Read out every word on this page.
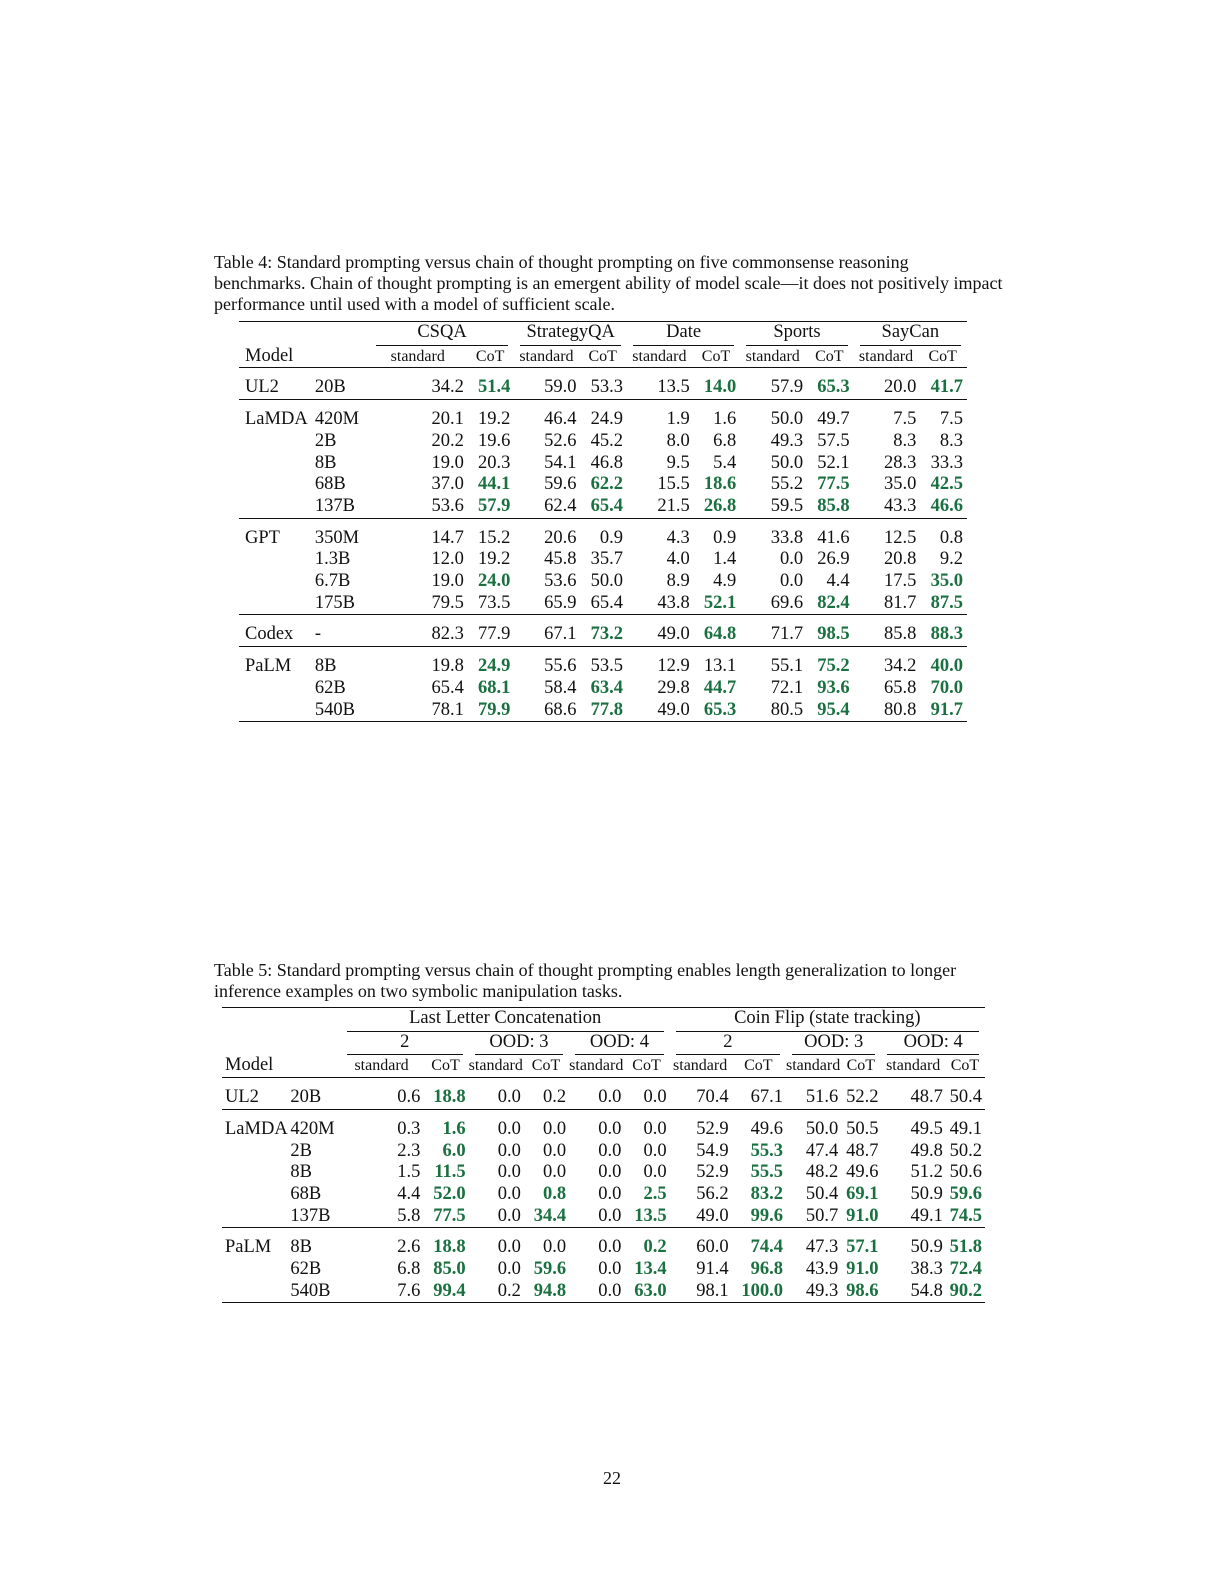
Table 4: Standard prompting versus chain of thought prompting on five commonsense reasoning benchmarks. Chain of thought prompting is an emergent ability of model scale—it does not positively impact performance until used with a model of sufficient scale.

		CSQA		StrategyQA		Date		Sports		SayCan	
Model		standard	CoT	standard	CoT	standard	CoT	standard	CoT	standard	CoT

UL2	20B	34.2	51.4	59.0	53.3	13.5	14.0	57.9	65.3	20.0	41.7

LaMDA	420M	20.1	19.2	46.4	24.9	1.9	1.6	50.0	49.7	7.5	7.5
	2B	20.2	19.6	52.6	45.2	8.0	6.8	49.3	57.5	8.3	8.3
	8B	19.0	20.3	54.1	46.8	9.5	5.4	50.0	52.1	28.3	33.3
	68B	37.0	44.1	59.6	62.2	15.5	18.6	55.2	77.5	35.0	42.5
	137B	53.6	57.9	62.4	65.4	21.5	26.8	59.5	85.8	43.3	46.6

GPT	350M	14.7	15.2	20.6	0.9	4.3	0.9	33.8	41.6	12.5	0.8
	1.3B	12.0	19.2	45.8	35.7	4.0	1.4	0.0	26.9	20.8	9.2
	6.7B	19.0	24.0	53.6	50.0	8.9	4.9	0.0	4.4	17.5	35.0
	175B	79.5	73.5	65.9	65.4	43.8	52.1	69.6	82.4	81.7	87.5

Codex	-	82.3	77.9	67.1	73.2	49.0	64.8	71.7	98.5	85.8	88.3

PaLM	8B	19.8	24.9	55.6	53.5	12.9	13.1	55.1	75.2	34.2	40.0
	62B	65.4	68.1	58.4	63.4	29.8	44.7	72.1	93.6	65.8	70.0
	540B	78.1	79.9	68.6	77.8	49.0	65.3	80.5	95.4	80.8	91.7

Table 5: Standard prompting versus chain of thought prompting enables length generalization to longer inference examples on two symbolic manipulation tasks.

		Last Letter Concatenation						Coin Flip (state tracking)					
		2		OOD: 3		OOD: 4		2		OOD: 3		OOD: 4	
Model		standard	CoT	standard	CoT	standard	CoT	standard	CoT	standard	CoT	standard	CoT

UL2	20B	0.6	18.8	0.0	0.2	0.0	0.0	70.4	67.1	51.6	52.2	48.7	50.4

LaMDA	420M	0.3	1.6	0.0	0.0	0.0	0.0	52.9	49.6	50.0	50.5	49.5	49.1
	2B	2.3	6.0	0.0	0.0	0.0	0.0	54.9	55.3	47.4	48.7	49.8	50.2
	8B	1.5	11.5	0.0	0.0	0.0	0.0	52.9	55.5	48.2	49.6	51.2	50.6
	68B	4.4	52.0	0.0	0.8	0.0	2.5	56.2	83.2	50.4	69.1	50.9	59.6
	137B	5.8	77.5	0.0	34.4	0.0	13.5	49.0	99.6	50.7	91.0	49.1	74.5

PaLM	8B	2.6	18.8	0.0	0.0	0.0	0.2	60.0	74.4	47.3	57.1	50.9	51.8
	62B	6.8	85.0	0.0	59.6	0.0	13.4	91.4	96.8	43.9	91.0	38.3	72.4
	540B	7.6	99.4	0.2	94.8	0.0	63.0	98.1	100.0	49.3	98.6	54.8	90.2

22
